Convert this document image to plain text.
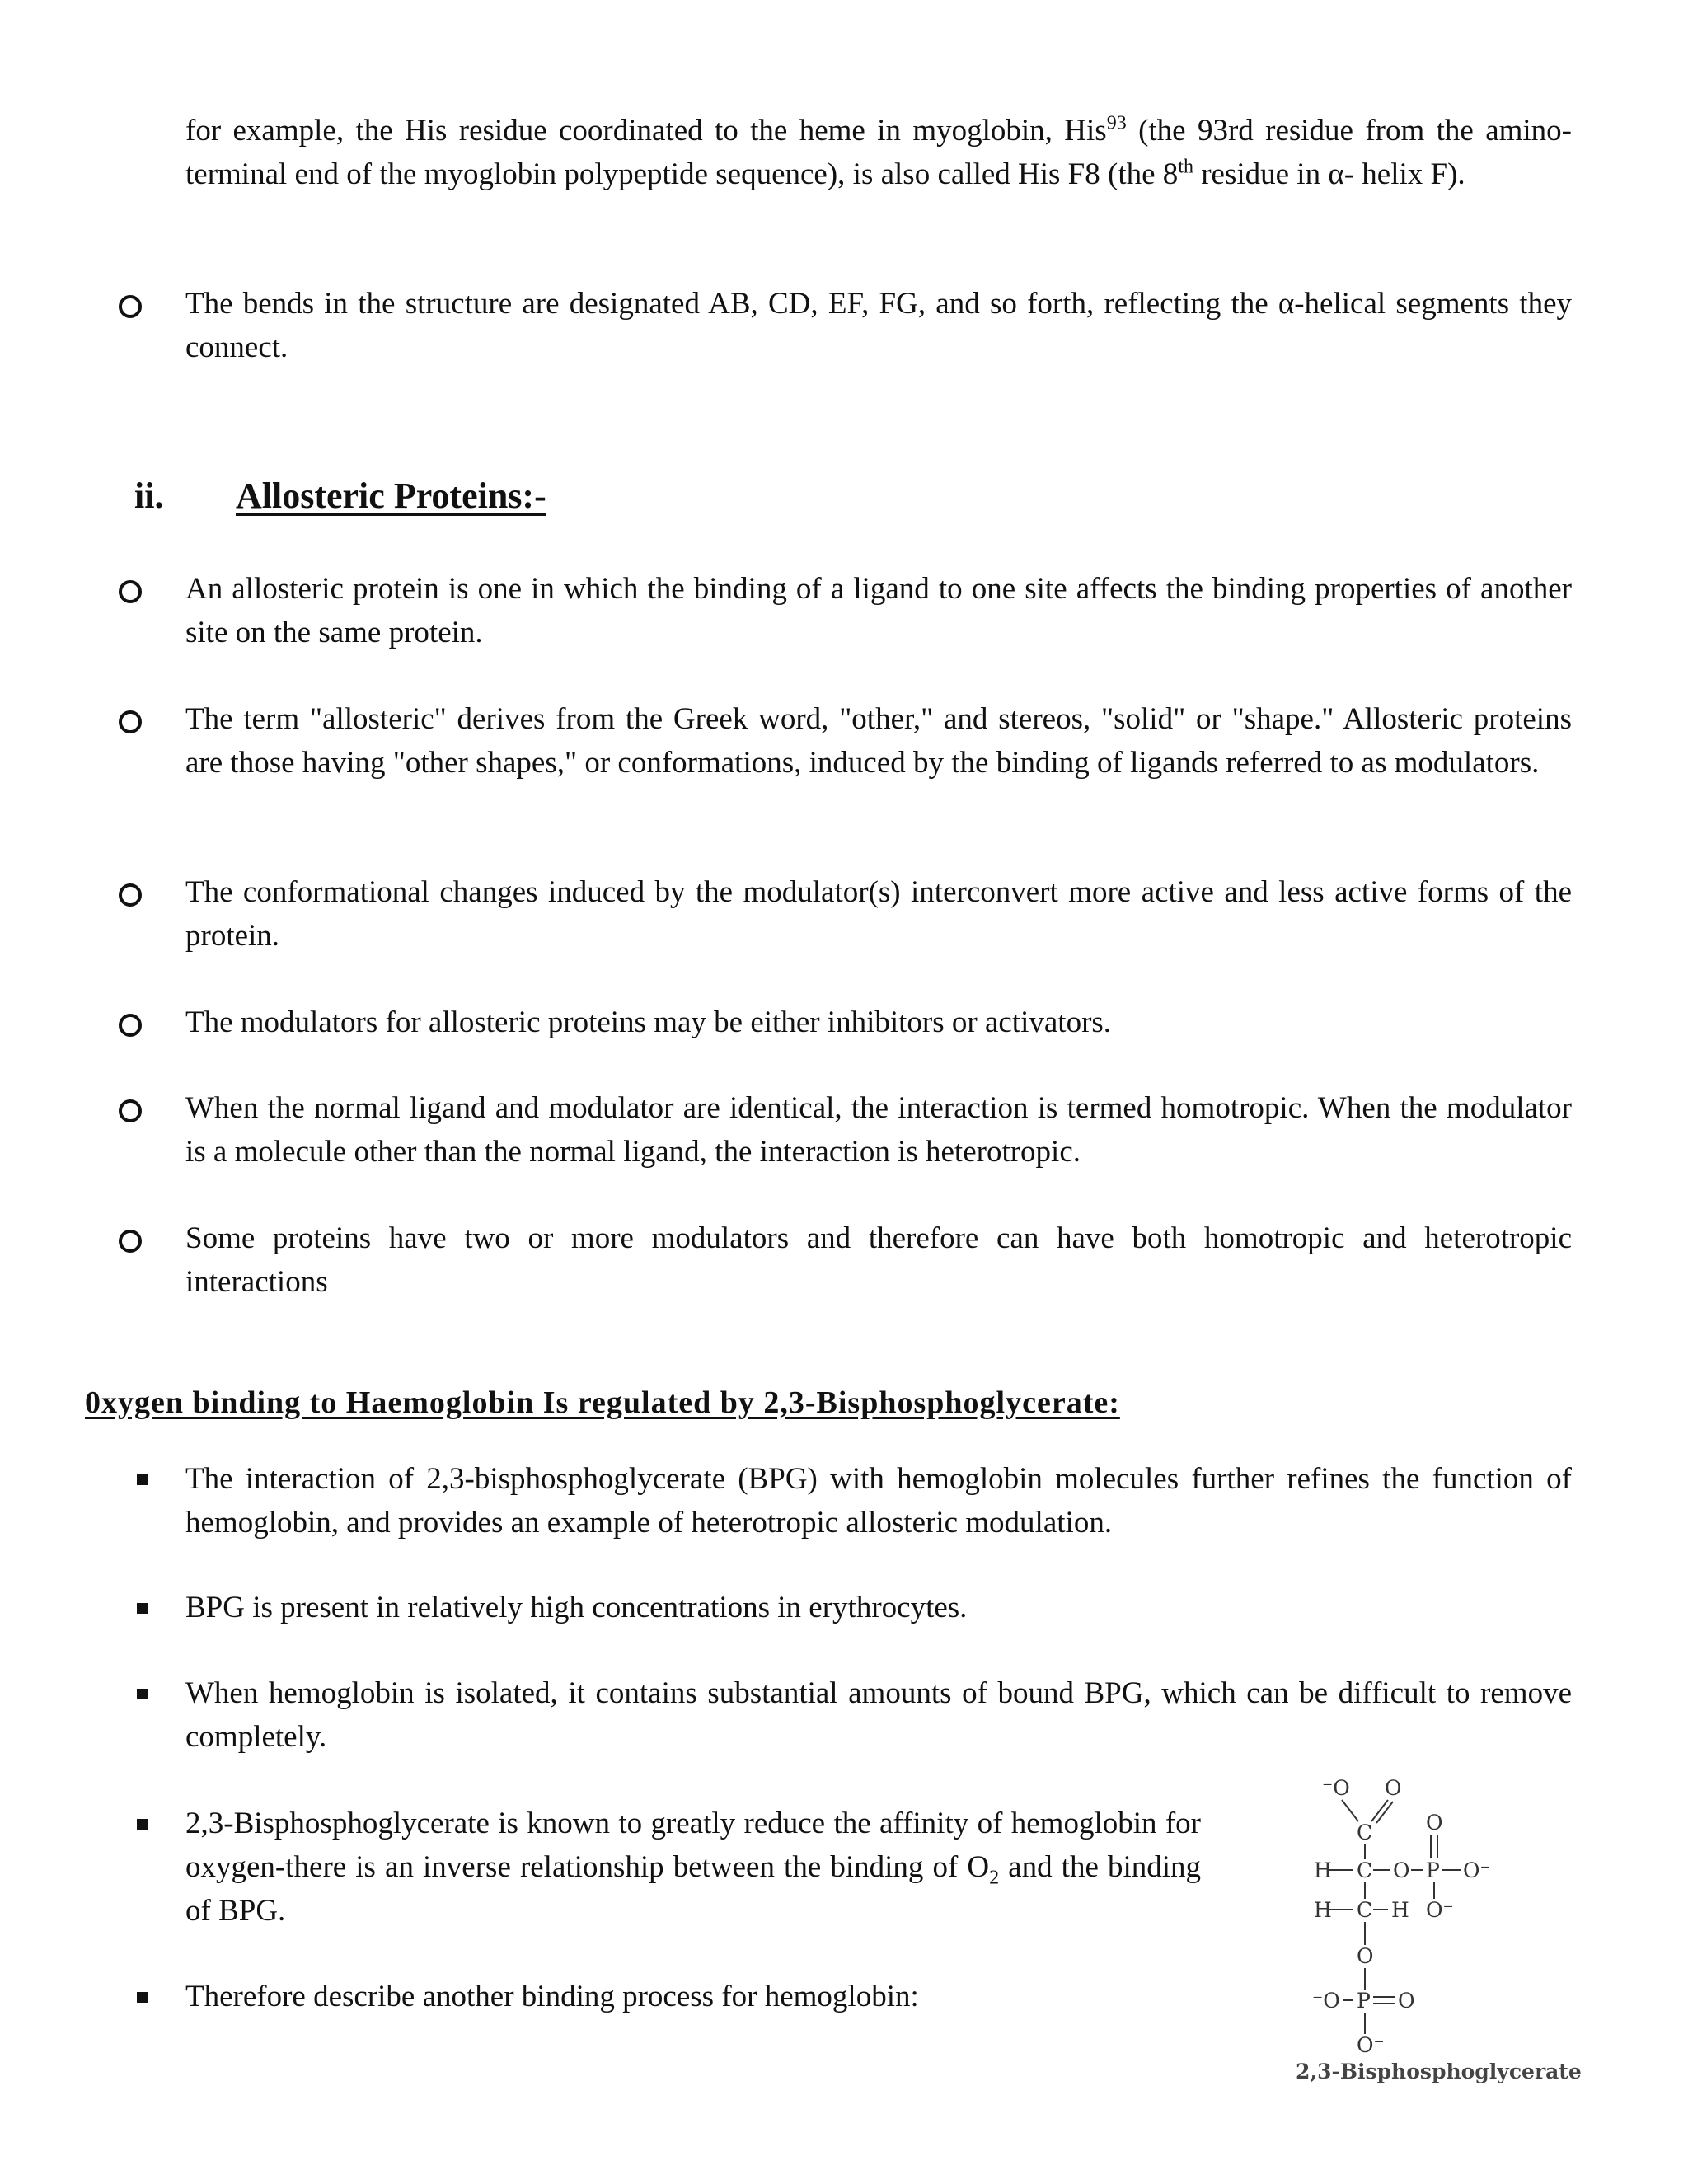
for example, the His residue coordinated to the heme in myoglobin, His$^{93}$ (the 93rd residue from the amino-terminal end of the myoglobin polypeptide sequence), is also called His F8 (the 8th residue in α- helix F).

The bends in the structure are designated AB, CD, EF, FG, and so forth, reflecting the α-helical segments they connect.

ii. Allosteric Proteins:-

An allosteric protein is one in which the binding of a ligand to one site affects the binding properties of another site on the same protein.

The term "allosteric" derives from the Greek word, "other," and stereos, "solid" or "shape." Allosteric proteins are those having "other shapes," or conformations, induced by the binding of ligands referred to as modulators.

The conformational changes induced by the modulator(s) interconvert more active and less active forms of the protein.

The modulators for allosteric proteins may be either inhibitors or activators.

When the normal ligand and modulator are identical, the interaction is termed homotropic. When the modulator is a molecule other than the normal ligand, the interaction is heterotropic.

Some proteins have two or more modulators and therefore can have both homotropic and heterotropic interactions

0xygen binding to Haemoglobin Is regulated by 2,3-Bisphosphoglycerate:

The interaction of 2,3-bisphosphoglycerate (BPG) with hemoglobin molecules further refines the function of hemoglobin, and provides an example of heterotropic allosteric modulation.

BPG is present in relatively high concentrations in erythrocytes.

When hemoglobin is isolated, it contains substantial amounts of bound BPG, which can be difficult to remove completely.

2,3-Bisphosphoglycerate is known to greatly reduce the affinity of hemoglobin for oxygen-there is an inverse relationship between the binding of $O_2$ and the binding of BPG.

Therefore describe another binding process for hemoglobin:

⁻O O
C	O
H C O P O⁻
H C H O⁻
O
⁻O P O
O⁻
2,3-Bisphosphoglycerate
